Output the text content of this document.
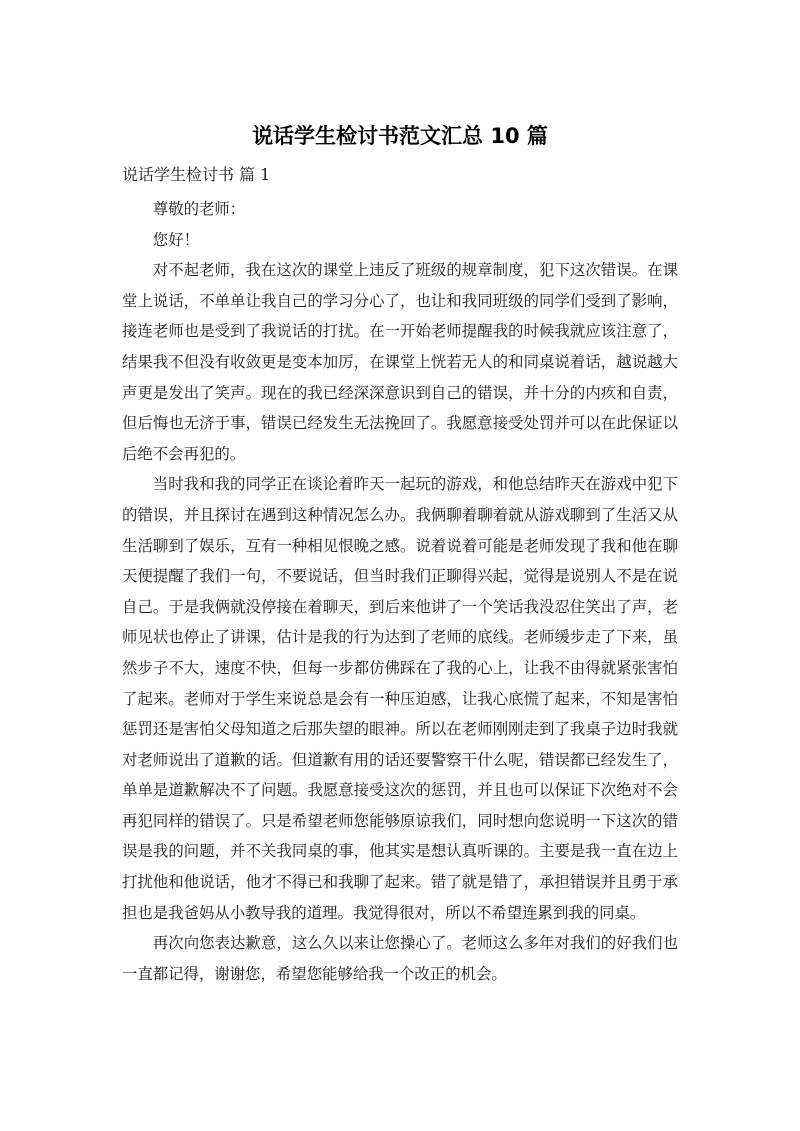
说话学生检讨书范文汇总 10 篇
说话学生检讨书 篇 1

尊敬的老师：

您好！

对不起老师，我在这次的课堂上违反了班级的规章制度，犯下这次错误。在课堂上说话，不单单让我自己的学习分心了，也让和我同班级的同学们受到了影响，接连老师也是受到了我说话的打扰。在一开始老师提醒我的时候我就应该注意了，结果我不但没有收敛更是变本加厉，在课堂上恍若无人的和同桌说着话，越说越大声更是发出了笑声。现在的我已经深深意识到自己的错误，并十分的内疚和自责，但后悔也无济于事，错误已经发生无法挽回了。我愿意接受处罚并可以在此保证以后绝不会再犯的。

当时我和我的同学正在谈论着昨天一起玩的游戏，和他总结昨天在游戏中犯下的错误，并且探讨在遇到这种情况怎么办。我俩聊着聊着就从游戏聊到了生活又从生活聊到了娱乐，互有一种相见恨晚之感。说着说着可能是老师发现了我和他在聊天便提醒了我们一句，不要说话，但当时我们正聊得兴起，觉得是说别人不是在说自己。于是我俩就没停接在着聊天，到后来他讲了一个笑话我没忍住笑出了声，老师见状也停止了讲课，估计是我的行为达到了老师的底线。老师缓步走了下来，虽然步子不大，速度不快，但每一步都仿佛踩在了我的心上，让我不由得就紧张害怕了起来。老师对于学生来说总是会有一种压迫感，让我心底慌了起来，不知是害怕惩罚还是害怕父母知道之后那失望的眼神。所以在老师刚刚走到了我桌子边时我就对老师说出了道歉的话。但道歉有用的话还要警察干什么呢，错误都已经发生了，单单是道歉解决不了问题。我愿意接受这次的惩罚，并且也可以保证下次绝对不会再犯同样的错误了。只是希望老师您能够原谅我们，同时想向您说明一下这次的错误是我的问题，并不关我同桌的事，他其实是想认真听课的。主要是我一直在边上打扰他和他说话，他才不得已和我聊了起来。错了就是错了，承担错误并且勇于承担也是我爸妈从小教导我的道理。我觉得很对，所以不希望连累到我的同桌。

再次向您表达歉意，这么久以来让您操心了。老师这么多年对我们的好我们也一直都记得，谢谢您，希望您能够给我一个改正的机会。
